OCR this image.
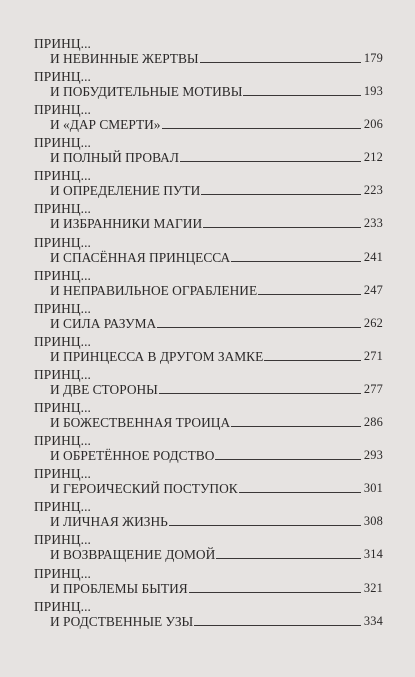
ПРИНЦ...
И НЕВИННЫЕ ЖЕРТВЫ	179
ПРИНЦ...
И ПОБУДИТЕЛЬНЫЕ МОТИВЫ	193
ПРИНЦ...
И «ДАР СМЕРТИ»	206
ПРИНЦ...
И ПОЛНЫЙ ПРОВАЛ	212
ПРИНЦ...
И ОПРЕДЕЛЕНИЕ ПУТИ	223
ПРИНЦ...
И ИЗБРАННИКИ МАГИИ	233
ПРИНЦ...
И СПАСЁННАЯ ПРИНЦЕССА	241
ПРИНЦ...
И НЕПРАВИЛЬНОЕ ОГРАБЛЕНИЕ	247
ПРИНЦ...
И СИЛА РАЗУМА	262
ПРИНЦ...
И ПРИНЦЕССА В ДРУГОМ ЗАМКЕ	271
ПРИНЦ...
И ДВЕ СТОРОНЫ	277
ПРИНЦ...
И БОЖЕСТВЕННАЯ ТРОИЦА	286
ПРИНЦ...
И ОБРЕТЁННОЕ РОДСТВО	293
ПРИНЦ...
И ГЕРОИЧЕСКИЙ ПОСТУПОК	301
ПРИНЦ...
И ЛИЧНАЯ ЖИЗНЬ	308
ПРИНЦ...
И ВОЗВРАЩЕНИЕ ДОМОЙ	314
ПРИНЦ...
И ПРОБЛЕМЫ БЫТИЯ	321
ПРИНЦ...
И РОДСТВЕННЫЕ УЗЫ	334
